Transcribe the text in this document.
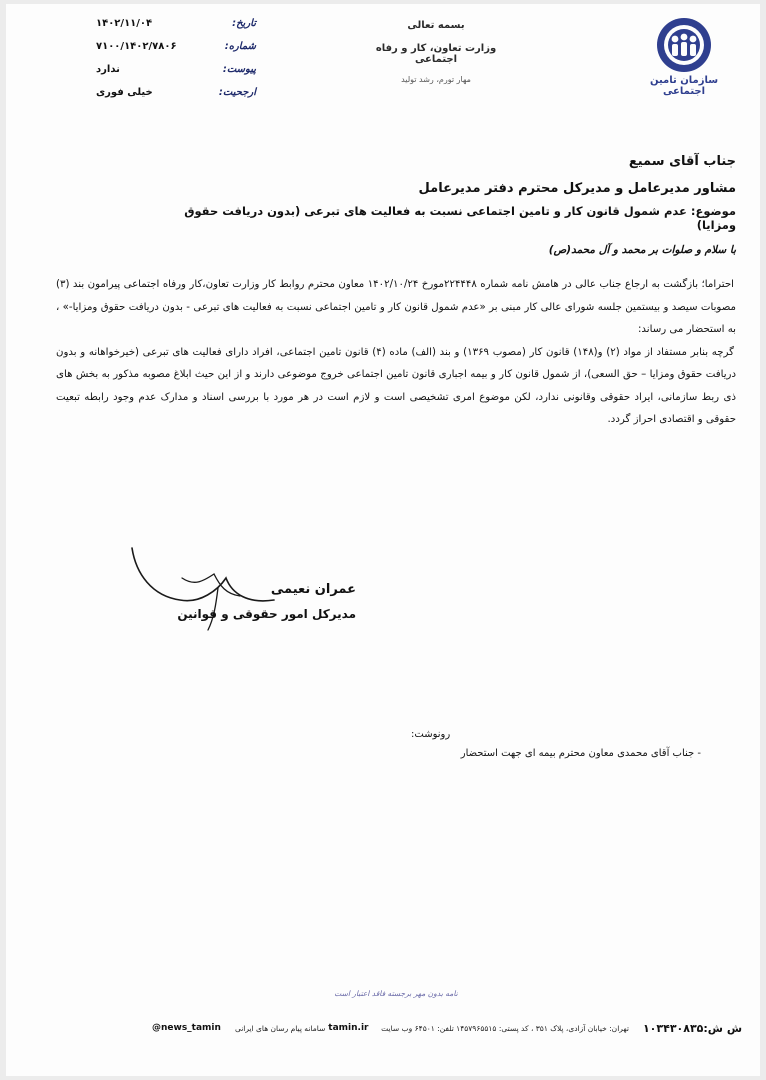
سازمان تامین اجتماعی
بسمه تعالی
وزارت تعاون، کار و رفاه اجتماعی
مهار تورم، رشد تولید
تاریخ:
۱۴۰۲/۱۱/۰۴
شماره:
۷۱۰۰/۱۴۰۲/۷۸۰۶
پیوست:
ندارد
ارجحیت:
خیلی فوری
جناب آقای سمیع
مشاور مدیرعامل و مدیرکل محترم دفتر مدیرعامل
موضوع: عدم شمول قانون کار و تامین اجتماعی نسبت به فعالیت های تبرعی (بدون دریافت حقوق ومزایا)
با سلام و صلوات بر محمد و آل محمد(ص)

احتراما؛ بازگشت به ارجاع جناب عالی در هامش نامه شماره ۲۲۴۴۴۸مورخ ۱۴۰۲/۱۰/۲۴ معاون محترم روابط کار وزارت تعاون،کار ورفاه اجتماعی پیرامون بند (۳) مصوبات سیصد و بیستمین جلسه شورای عالی کار مبنی بر «عدم شمول قانون کار و تامین اجتماعی نسبت به فعالیت های تبرعی - بدون دریافت حقوق ومزایا-» ، به استحضار می رساند:

گرچه بنابر مستفاد از مواد (۲) و(۱۴۸) قانون کار (مصوب ۱۳۶۹) و بند (الف) ماده (۴) قانون تامین اجتماعی، افراد دارای فعالیت های تبرعی (خیرخواهانه و بدون دریافت حقوق ومزایا – حق السعی)، از شمول قانون کار و بیمه اجباری قانون تامین اجتماعی خروج موضوعی دارند و از این حیث ابلاغ مصوبه مذکور به بخش های ذی ربط سازمانی، ایراد حقوقی وقانونی ندارد، لکن موضوع امری تشخیصی است و لازم است در هر مورد با بررسی اسناد و مدارک عدم وجود رابطه تبعیت حقوقی و اقتصادی احراز گردد.

عمران نعیمی
مدیرکل امور حقوقی و قوانین
رونوشت:
- جناب آقای محمدی معاون محترم بیمه ای جهت استحضار
نامه بدون مهر برجسته فاقد اعتبار است
ش ش:۱۰۳۴۳۰۸۳۵
تهران: خیابان آزادی، پلاک ۳۵۱ ، کد پستی: ۱۴۵۷۹۶۵۵۱۵ تلفن: ۶۴۵۰۱ وب سایت
tamin.ir
سامانه پیام رسان های ایرانی
@news_tamin
